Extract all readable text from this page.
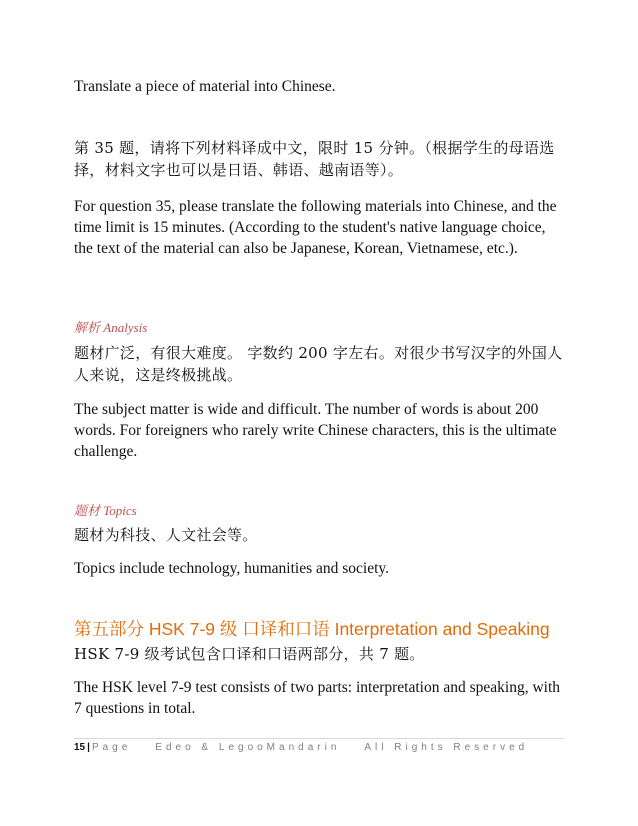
Translate a piece of material into Chinese.

第 35 题，请将下列材料译成中文，限时 15 分钟。（根据学生的母语选择，材料文字也可以是日语、韩语、越南语等）。

For question 35, please translate the following materials into Chinese, and the time limit is 15 minutes. (According to the student's native language choice, the text of the material can also be Japanese, Korean, Vietnamese, etc.).

解析 Analysis

题材广泛，有很大难度。 字数约 200 字左右。对很少书写汉字的外国人人来说，这是终极挑战。

The subject matter is wide and difficult. The number of words is about 200 words. For foreigners who rarely write Chinese characters, this is the ultimate challenge.

题材 Topics

题材为科技、人文社会等。

Topics include technology, humanities and society.

第五部分 HSK 7-9 级 口译和口语 Interpretation and Speaking

HSK 7-9 级考试包含口译和口语两部分，共 7 题。

The HSK level 7-9 test consists of two parts: interpretation and speaking, with 7 questions in total.

15 | Page Edeo & LegooMandarin All Rights Reserved
